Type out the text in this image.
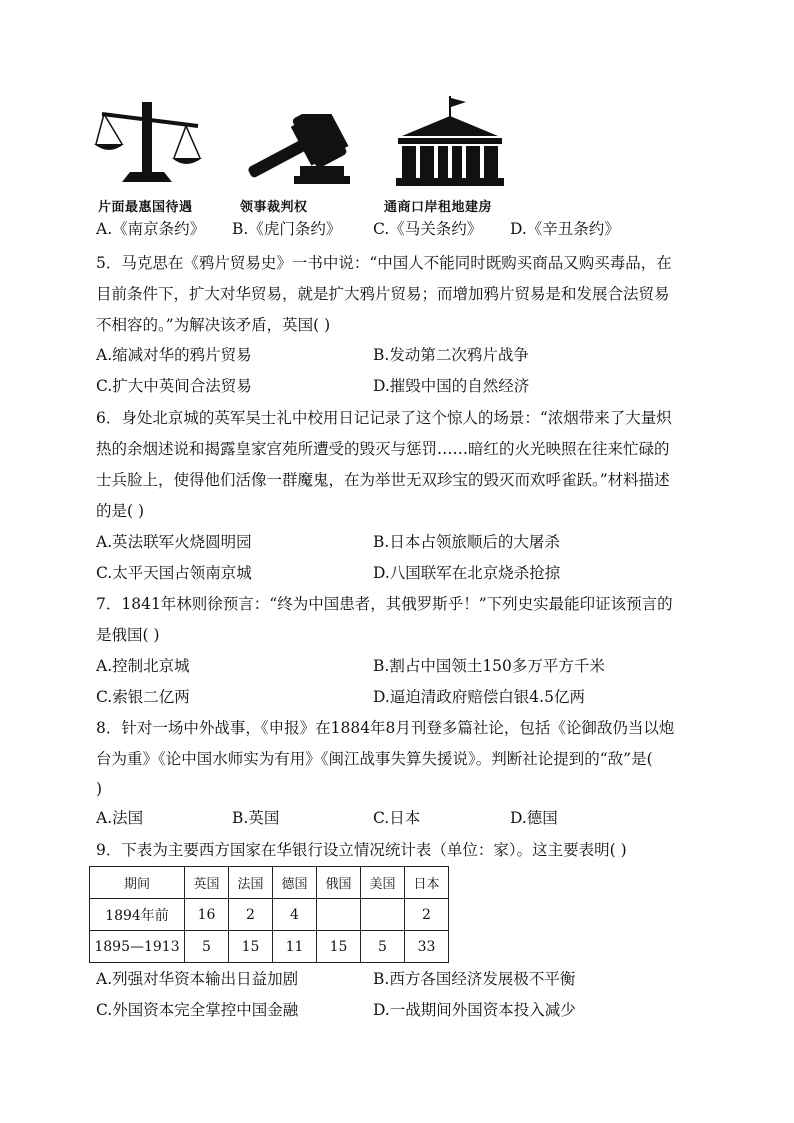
片面最惠国待遇	领事裁判权	通商口岸租地建房
A.《南京条约》 B.《虎门条约》 C.《马关条约》 D.《辛丑条约》
5．马克思在《鸦片贸易史》一书中说：“中国人不能同时既购买商品又购买毒品，在
目前条件下，扩大对华贸易，就是扩大鸦片贸易；而增加鸦片贸易是和发展合法贸易
不相容的。”为解决该矛盾，英国( )
A.缩减对华的鸦片贸易	B.发动第二次鸦片战争
C.扩大中英间合法贸易	D.摧毁中国的自然经济
6．身处北京城的英军吴士礼中校用日记记录了这个惊人的场景：“浓烟带来了大量炽
热的余烟述说和揭露皇家宫苑所遭受的毁灭与惩罚……暗红的火光映照在往来忙碌的
士兵脸上，使得他们活像一群魔鬼，在为举世无双珍宝的毁灭而欢呼雀跃。”材料描述
的是( )
A.英法联军火烧圆明园	B.日本占领旅顺后的大屠杀
C.太平天国占领南京城	D.八国联军在北京烧杀抢掠
7．1841年林则徐预言：“终为中国患者，其俄罗斯乎！”下列史实最能印证该预言的
是俄国( )
A.控制北京城	B.割占中国领土150多万平方千米
C.索银二亿两	D.逼迫清政府赔偿白银4.5亿两
8．针对一场中外战事，《申报》在1884年8月刊登多篇社论，包括《论御敌仍当以炮
台为重》《论中国水师实为有用》《闽江战事失算失援说》。判断社论提到的“敌”是(
)
A.法国	B.英国	C.日本	D.德国
9．下表为主要西方国家在华银行设立情况统计表（单位：家）。这主要表明( )
期间	英国	法国	德国	俄国	美国	日本
1894年前	16	2	4			2
1895—1913	5	15	11	15	5	33
A.列强对华资本输出日益加剧	B.西方各国经济发展极不平衡
C.外国资本完全掌控中国金融	D.一战期间外国资本投入减少
